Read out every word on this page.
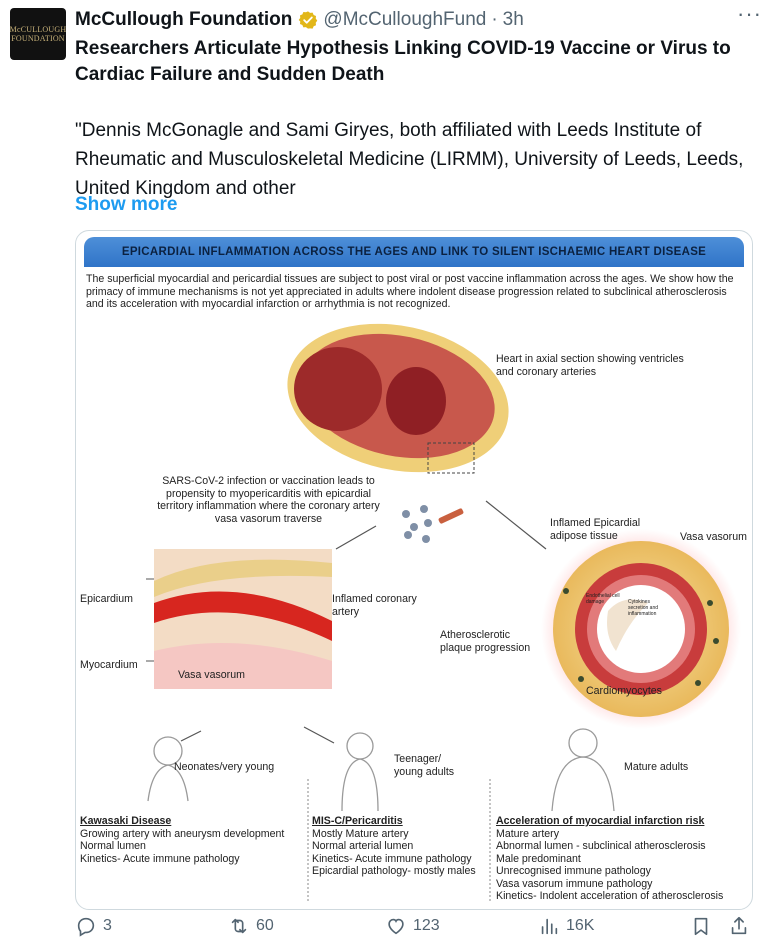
McCULLOUGH FOUNDATION
McCullough Foundation @McCulloughFund · 3h	···
Researchers Articulate Hypothesis Linking COVID-19 Vaccine or Virus to Cardiac Failure and Sudden Death
"Dennis McGonagle and Sami Giryes, both affiliated with Leeds Institute of Rheumatic and Musculoskeletal Medicine (LIRMM), University of Leeds, Leeds, United Kingdom and other
Show more
EPICARDIAL INFLAMMATION ACROSS THE AGES AND LINK TO SILENT ISCHAEMIC HEART DISEASE
The superficial myocardial and pericardial tissues are subject to post viral or post vaccine inflammation across the ages. We show how the primacy of immune mechanisms is not yet appreciated in adults where indolent disease progression related to subclinical atherosclerosis and its acceleration with myocardial infarction or arrhythmia is not recognized.
Heart in axial section showing ventricles and coronary arteries
SARS-CoV-2 infection or vaccination leads to propensity to myopericarditis with epicardial territory inflammation where the coronary artery vasa vasorum traverse
Epicardium
Myocardium
Inflamed coronary artery
Vasa vasorum
Inflamed Epicardial adipose tissue	Vasa vasorum
Endothelial cell damage	Cytokines secretion and inflammation
Atherosclerotic plaque progression
Cardiomyocytes
Neonates/very young
Teenager/ young adults	Mature adults
Kawasaki Disease
Growing artery with aneurysm development
Normal lumen
Kinetics- Acute immune pathology
MIS-C/Pericarditis
Mostly Mature artery
Normal arterial lumen
Kinetics- Acute immune pathology
Epicardial pathology- mostly males
Acceleration of myocardial infarction risk
Mature artery
Abnormal lumen - subclinical atherosclerosis
Male predominant
Unrecognised immune pathology
Vasa vasorum immune pathology
Kinetics- Indolent acceleration of atherosclerosis
3	60	123	16K
